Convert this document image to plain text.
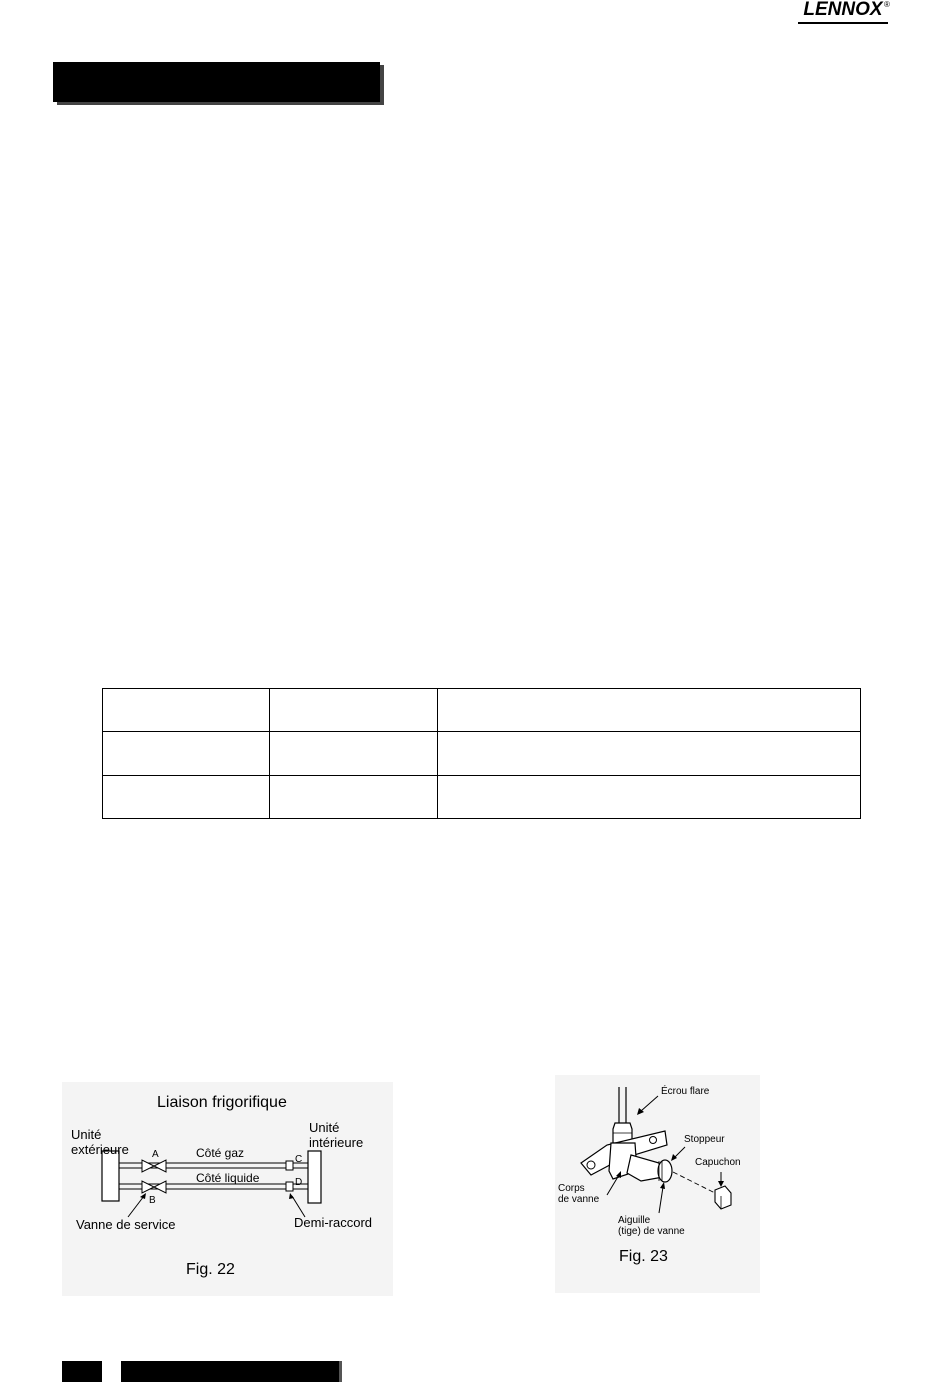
LENNOX ®

Liaison frigorifique
Unité
extérieure
Unité
intérieure
Côté gaz
Côté liquide
A
B
C
D
Vanne de service	Demi-raccord
Fig. 22
Écrou flare
Stoppeur
Capuchon
Corps
de vanne
Aiguille
(tige) de vanne
Fig. 23
